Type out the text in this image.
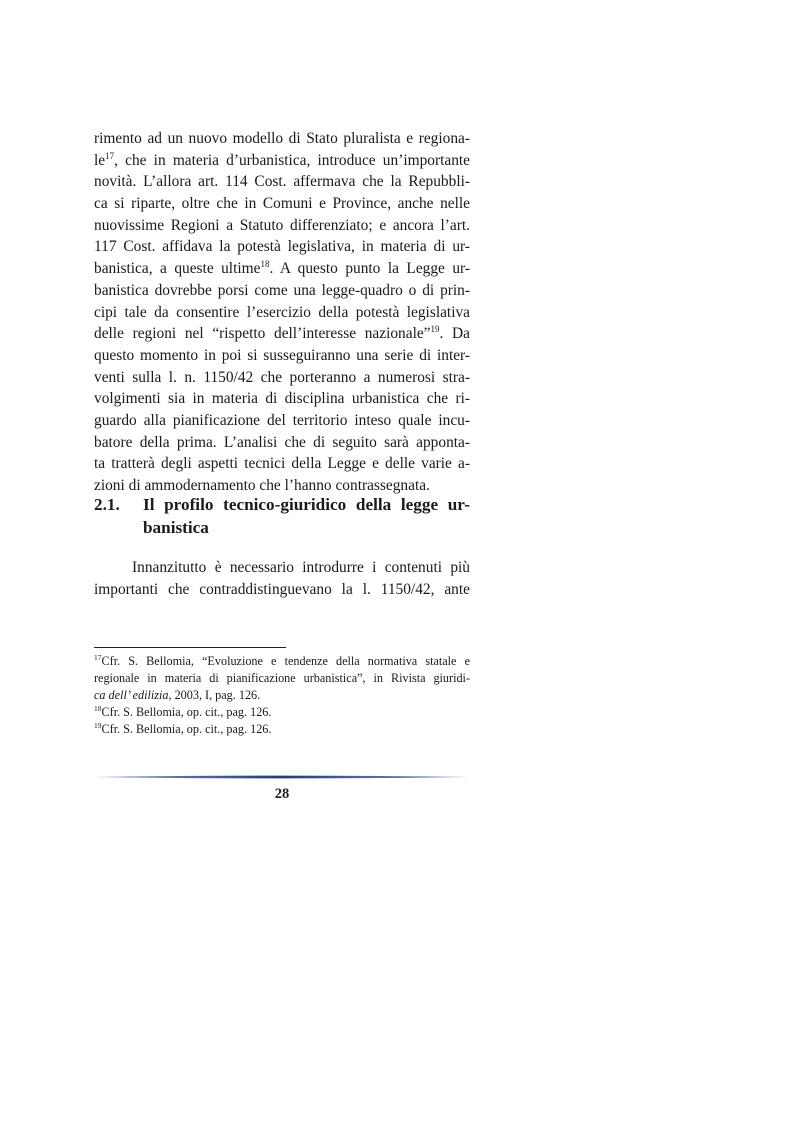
rimento ad un nuovo modello di Stato pluralista e regiona-
$le^{17}$, che in materia d’urbanistica, introduce un’importante
novità. L’allora art. 114 Cost. affermava che la Repubbli-
ca si riparte, oltre che in Comuni e Province, anche nelle
nuovissime Regioni a Statuto differenziato; e ancora l’art.
117 Cost. affidava la potestà legislativa, in materia di ur-
banistica, a queste ultime$^{18}$. A questo punto la Legge ur-
banistica dovrebbe porsi come una legge-quadro o di prin-
cipi tale da consentire l’esercizio della potestà legislativa
delle regioni nel “rispetto dell’interesse nazionale”$^{19}$. Da
questo momento in poi si susseguiranno una serie di inter-
venti sulla l. n. 1150/42 che porteranno a numerosi stra-
volgimenti sia in materia di disciplina urbanistica che ri-
guardo alla pianificazione del territorio inteso quale incu-
batore della prima. L’analisi che di seguito sarà apponta-
ta tratterà degli aspetti tecnici della Legge e delle varie a-
zioni di ammodernamento che l’hanno contrassegnata.
2.1. Il profilo tecnico-giuridico della legge ur-
banistica
Innanzitutto è necessario introdurre i contenuti più
importanti che contraddistinguevano la l. 1150/42, ante
$^{17}$Cfr. S. Bellomia, “Evoluzione e tendenze della normativa statale e
regionale in materia di pianificazione urbanistica”, in Rivista giuridi-
ca dell’ edilizia, 2003, I, pag. 126.
$^{18}$Cfr. S. Bellomia, op. cit., pag. 126.
$^{19}$Cfr. S. Bellomia, op. cit., pag. 126.
28
